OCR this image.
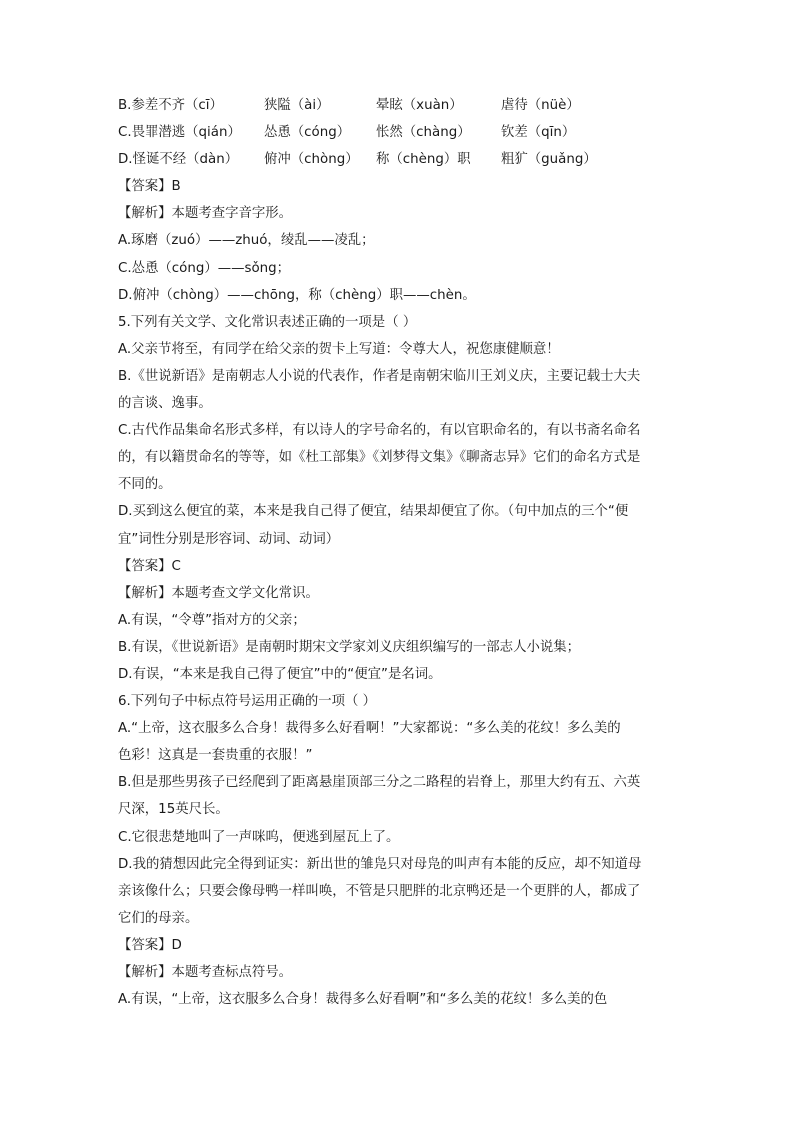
B.参差不齐（cī）	狭隘（ài）	晕眩（xuàn）	虐待（nüè）
C.畏罪潜逃（qián） 怂恿（cóng） 怅然（chàng） 钦差（qīn）
D.怪诞不经（dàn） 俯冲（chòng） 称（chèng）职 粗犷（guǎng）
【答案】B
【解析】本题考查字音字形。
A.琢磨（zuó）——zhuó，绫乱——凌乱；
C.怂恿（cóng）——sǒng；
D.俯冲（chòng）——chōng，称（chèng）职——chèn。
5.下列有关文学、文化常识表述正确的一项是（ ）
A.父亲节将至，有同学在给父亲的贺卡上写道：令尊大人，祝您康健顺意！
B.《世说新语》是南朝志人小说的代表作，作者是南朝宋临川王刘义庆，主要记载士大夫
的言谈、逸事。
C.古代作品集命名形式多样，有以诗人的字号命名的，有以官职命名的，有以书斋名命名
的，有以籍贯命名的等等，如《杜工部集》《刘梦得文集》《聊斋志异》它们的命名方式是
不同的。
D.买到这么便宜的菜，本来是我自己得了便宜，结果却便宜了你。（句中加点的三个“便
宜”词性分别是形容词、动词、动词）
【答案】C
【解析】本题考查文学文化常识。
A.有误，“令尊”指对方的父亲；
B.有误，《世说新语》是南朝时期宋文学家刘义庆组织编写的一部志人小说集；
D.有误，“本来是我自己得了便宜”中的“便宜”是名词。
6.下列句子中标点符号运用正确的一项（ ）
A.“上帝，这衣服多么合身！裁得多么好看啊！”大家都说：“多么美的花纹！多么美的
色彩！这真是一套贵重的衣服！”
B.但是那些男孩子已经爬到了距离悬崖顶部三分之二路程的岩脊上，那里大约有五、六英
尺深，15英尺长。
C.它很悲楚地叫了一声咪呜，便逃到屋瓦上了。
D.我的猜想因此完全得到证实：新出世的雏凫只对母凫的叫声有本能的反应，却不知道母
亲该像什么；只要会像母鸭一样叫唤，不管是只肥胖的北京鸭还是一个更胖的人，都成了
它们的母亲。
【答案】D
【解析】本题考查标点符号。
A.有误，“上帝，这衣服多么合身！裁得多么好看啊”和“多么美的花纹！多么美的色
